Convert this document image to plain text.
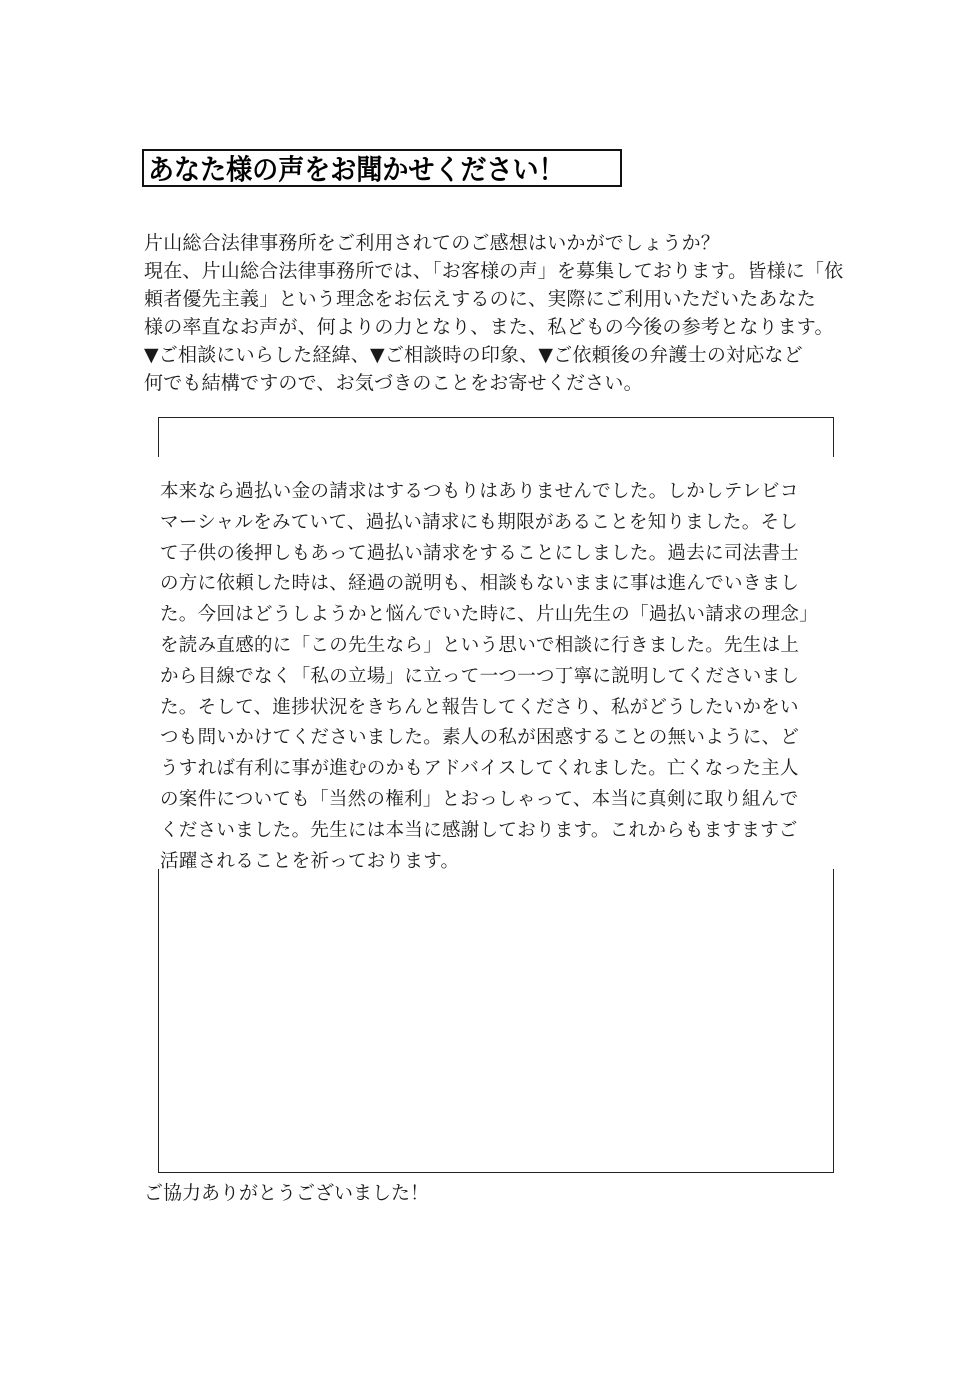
あなた様の声をお聞かせください！
片山総合法律事務所をご利用されてのご感想はいかがでしょうか？
現在、片山総合法律事務所では、「お客様の声」を募集しております。皆様に「依
頼者優先主義」という理念をお伝えするのに、実際にご利用いただいたあなた
様の率直なお声が、何よりの力となり、また、私どもの今後の参考となります。
▼ご相談にいらした経緯、▼ご相談時の印象、▼ご依頼後の弁護士の対応など
何でも結構ですので、お気づきのことをお寄せください。
本来なら過払い金の請求はするつもりはありませんでした。しかしテレビコ
マーシャルをみていて、過払い請求にも期限があることを知りました。そし
て子供の後押しもあって過払い請求をすることにしました。過去に司法書士
の方に依頼した時は、経過の説明も、相談もないままに事は進んでいきまし
た。今回はどうしようかと悩んでいた時に、片山先生の「過払い請求の理念」
を読み直感的に「この先生なら」という思いで相談に行きました。先生は上
から目線でなく「私の立場」に立って一つ一つ丁寧に説明してくださいまし
た。そして、進捗状況をきちんと報告してくださり、私がどうしたいかをい
つも問いかけてくださいました。素人の私が困惑することの無いように、ど
うすれば有利に事が進むのかもアドバイスしてくれました。亡くなった主人
の案件についても「当然の権利」とおっしゃって、本当に真剣に取り組んで
くださいました。先生には本当に感謝しております。これからもますますご
活躍されることを祈っております。
ご協力ありがとうございました！
